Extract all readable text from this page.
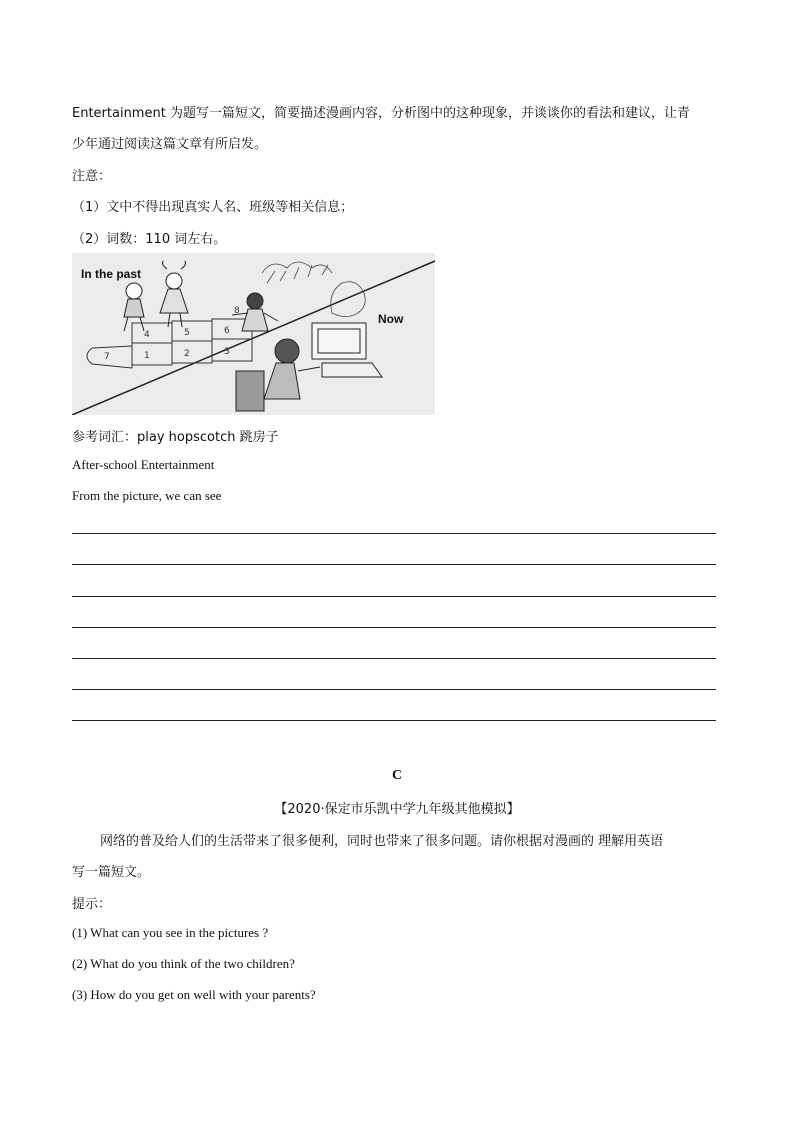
Entertainment 为题写一篇短文，简要描述漫画内容，分析图中的这种现象，并谈谈你的看法和建议，让青
少年通过阅读这篇文章有所启发。
注意：
（1）文中不得出现真实人名、班级等相关信息；
（2）词数：110 词左右。
1	2	3
4	5	6
7
8
In the past
Now
参考词汇：play hopscotch 跳房子
After-school Entertainment
From the picture, we can see
C
【2020·保定市乐凯中学九年级其他模拟】
网络的普及给人们的生活带来了很多便利，同时也带来了很多问题。请你根据对漫画的 理解用英语
写一篇短文。
提示：
(1) What can you see in the pictures ?
(2) What do you think of the two children?
(3) How do you get on well with your parents?
